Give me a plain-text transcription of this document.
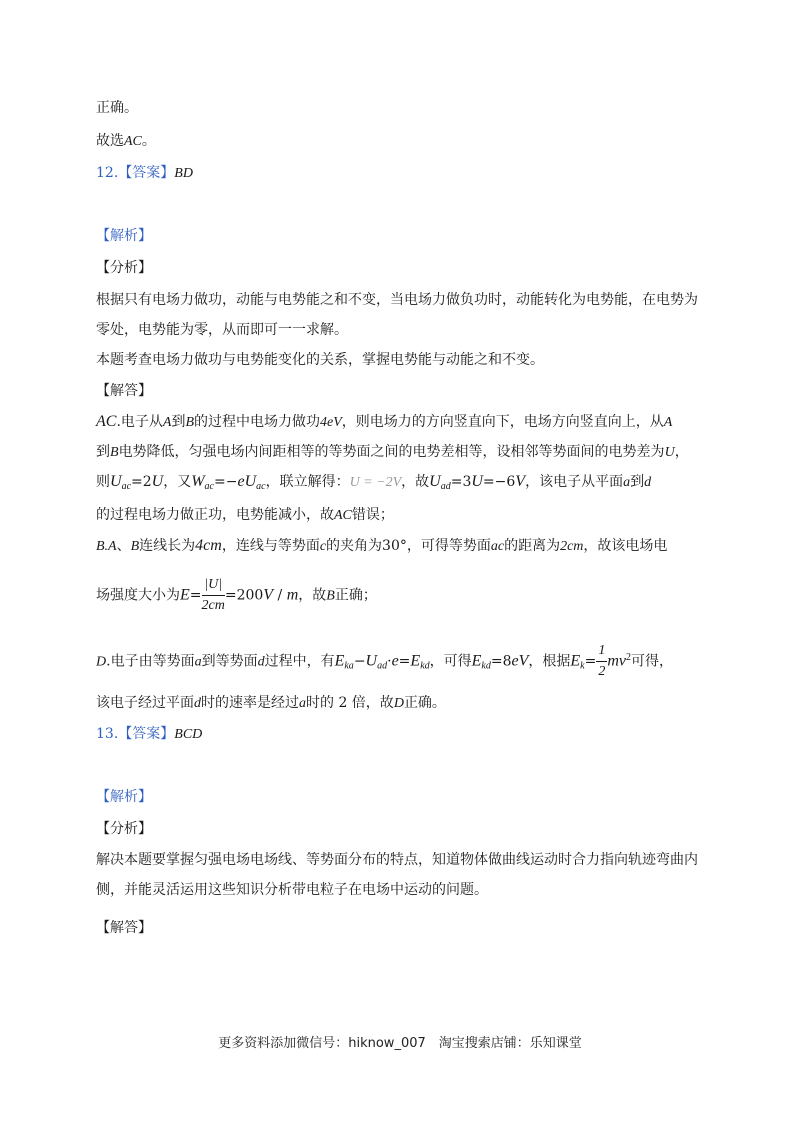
正确。
故选AC。
12.【答案】BD
【解析】
【分析】
根据只有电场力做功，动能与电势能之和不变，当电场力做负功时，动能转化为电势能，在电势为
零处，电势能为零，从而即可一一求解。
本题考查电场力做功与电势能变化的关系，掌握电势能与动能之和不变。
【解答】
AC.电子从A到B的过程中电场力做功4eV，则电场力的方向竖直向下，电场方向竖直向上，从A
到B电势降低，匀强电场内间距相等的等势面之间的电势差相等，设相邻等势面间的电势差为U，
则$U_{ac}=2U$，又$W_{ac}=-eU_{ac}$，联立解得：U = −2V，故$U_{ad}=3U=-6V$，该电子从平面a到d
的过程电场力做正功，电势能减小，故AC错误；
B.A、B连线长为4cm，连线与等势面c的夹角为30°，可得等势面ac的距离为2cm，故该电场电
场强度大小为$E= \frac{|U|}{2cm} =200V / m$，故B正确；
D.电子由等势面a到等势面d过程中，有$E_{ka}-U_{ad}\cdot e=E_{kd}$，可得$E_{kd}=8eV$，根据$E_k= \frac{1}{2} mv^2$可得，
该电子经过平面d时的速率是经过a时的 2 倍，故D正确。
13.【答案】BCD
【解析】
【分析】
解决本题要掌握匀强电场电场线、等势面分布的特点，知道物体做曲线运动时合力指向轨迹弯曲内
侧，并能灵活运用这些知识分析带电粒子在电场中运动的问题。
【解答】
更多资料添加微信号：hiknow_007　淘宝搜索店铺：乐知课堂
